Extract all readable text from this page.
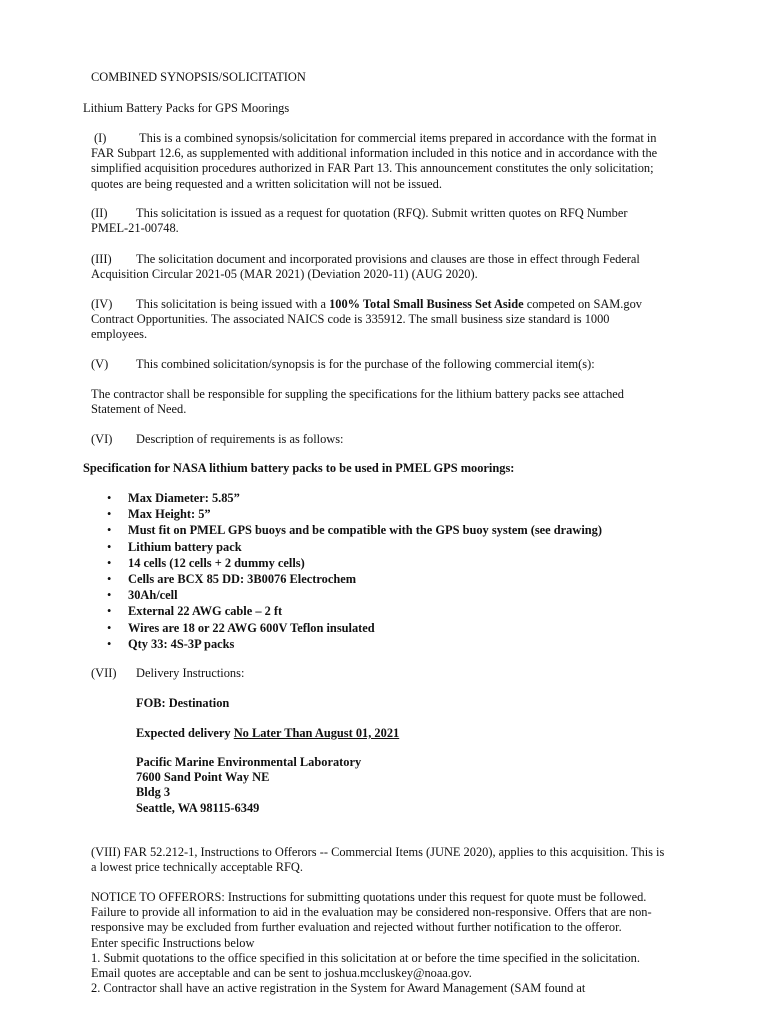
COMBINED SYNOPSIS/SOLICITATION

Lithium Battery Packs for GPS Moorings

(I)	This is a combined synopsis/solicitation for commercial items prepared in accordance with the format in
FAR Subpart 12.6, as supplemented with additional information included in this notice and in accordance with the
simplified acquisition procedures authorized in FAR Part 13. This announcement constitutes the only solicitation;
quotes are being requested and a written solicitation will not be issued.
(II) This solicitation is issued as a request for quotation (RFQ). Submit written quotes on RFQ Number
PMEL-21-00748.
(III) The solicitation document and incorporated provisions and clauses are those in effect through Federal
Acquisition Circular 2021-05 (MAR 2021) (Deviation 2020-11) (AUG 2020).
(IV) This solicitation is being issued with a 100% Total Small Business Set Aside competed on SAM.gov
Contract Opportunities. The associated NAICS code is 335912. The small business size standard is 1000
employees.

(V) This combined solicitation/synopsis is for the purchase of the following commercial item(s):

The contractor shall be responsible for suppling the specifications for the lithium battery packs see attached
Statement of Need.

(VI) Description of requirements is as follows:

Specification for NASA lithium battery packs to be used in PMEL GPS moorings:

• Max Diameter: 5.85”
• Max Height: 5”
• Must fit on PMEL GPS buoys and be compatible with the GPS buoy system (see drawing)
• Lithium battery pack
• 14 cells (12 cells + 2 dummy cells)
• Cells are BCX 85 DD: 3B0076 Electrochem
• 30Ah/cell
• External 22 AWG cable – 2 ft
• Wires are 18 or 22 AWG 600V Teflon insulated
• Qty 33: 4S-3P packs

(VII) Delivery Instructions:

FOB: Destination

Expected delivery No Later Than August 01, 2021

Pacific Marine Environmental Laboratory
7600 Sand Point Way NE
Bldg 3
Seattle, WA 98115-6349
(VIII) FAR 52.212-1, Instructions to Offerors -- Commercial Items (JUNE 2020), applies to this acquisition. This is
a lowest price technically acceptable RFQ.
NOTICE TO OFFERORS: Instructions for submitting quotations under this request for quote must be followed.
Failure to provide all information to aid in the evaluation may be considered non-responsive. Offers that are non-
responsive may be excluded from further evaluation and rejected without further notification to the offeror.
Enter specific Instructions below
1. Submit quotations to the office specified in this solicitation at or before the time specified in the solicitation.
Email quotes are acceptable and can be sent to joshua.mccluskey@noaa.gov.
2. Contractor shall have an active registration in the System for Award Management (SAM found at
